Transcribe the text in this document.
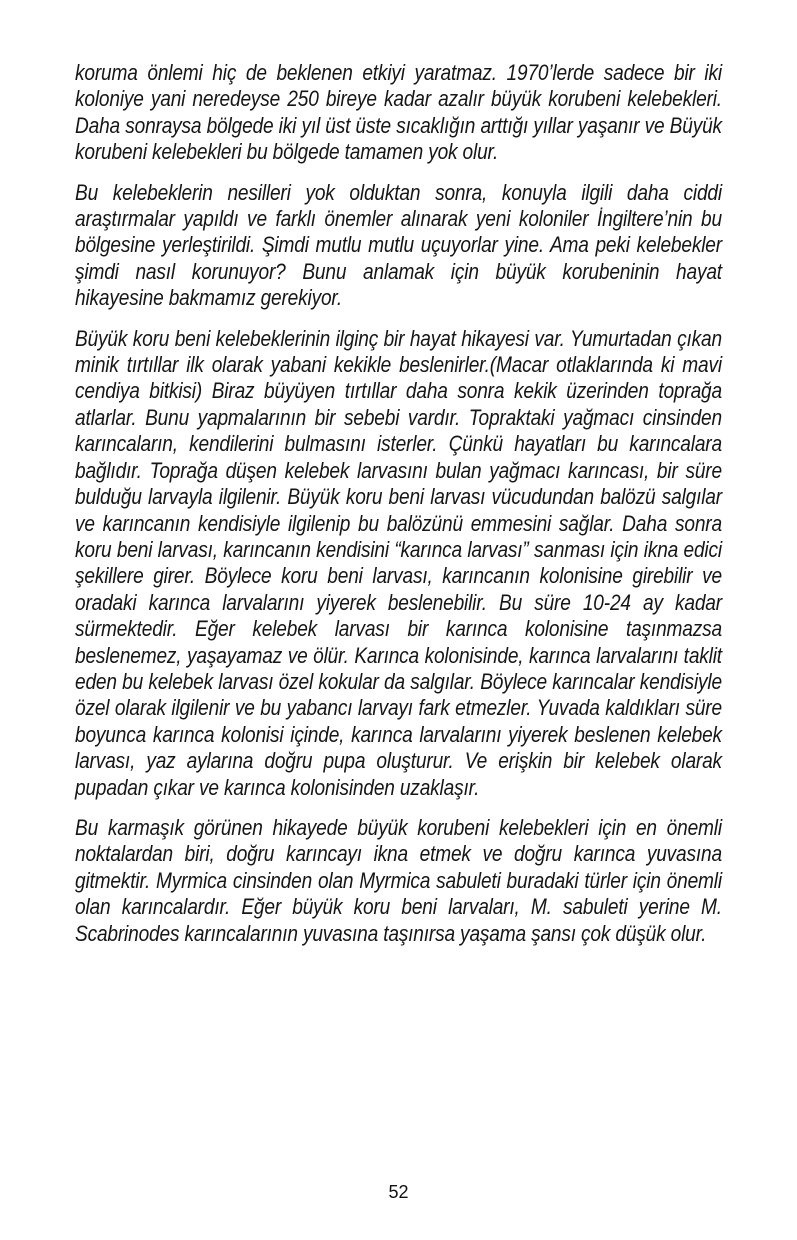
koruma önlemi hiç de beklenen etkiyi yaratmaz. 1970’lerde sadece bir iki koloniye yani neredeyse 250 bireye kadar azalır büyük korubeni kelebekleri. Daha sonraysa bölgede iki yıl üst üste sıcaklığın arttığı yıllar yaşanır ve Büyük korubeni kelebekleri bu bölgede tamamen yok olur.

Bu kelebeklerin nesilleri yok olduktan sonra, konuyla ilgili daha ciddi araştırmalar yapıldı ve farklı önemler alınarak yeni koloniler İngiltere’nin bu bölgesine yerleştirildi. Şimdi mutlu mutlu uçuyorlar yine. Ama peki kelebekler şimdi nasıl korunuyor? Bunu anlamak için büyük korubeninin hayat hikayesine bakmamız gerekiyor.

Büyük koru beni kelebeklerinin ilginç bir hayat hikayesi var. Yumurtadan çıkan minik tırtıllar ilk olarak yabani kekikle beslenirler.(Macar otlaklarında ki mavi cendiya bitkisi) Biraz büyüyen tırtıllar daha sonra kekik üzerinden toprağa atlarlar. Bunu yapmalarının bir sebebi vardır. Topraktaki yağmacı cinsinden karıncaların, kendilerini bulmasını isterler. Çünkü hayatları bu karıncalara bağlıdır. Toprağa düşen kelebek larvasını bulan yağmacı karıncası, bir süre bulduğu larvayla ilgilenir. Büyük koru beni larvası vücudundan balözü salgılar ve karıncanın kendisiyle ilgilenip bu balözünü emmesini sağlar. Daha sonra koru beni larvası, karıncanın kendisini “karınca larvası” sanması için ikna edici şekillere girer. Böylece koru beni larvası, karıncanın kolonisine girebilir ve oradaki karınca larvalarını yiyerek beslenebilir. Bu süre 10-24 ay kadar sürmektedir. Eğer kelebek larvası bir karınca kolonisine taşınmazsa beslenemez, yaşayamaz ve ölür. Karınca kolonisinde, karınca larvalarını taklit eden bu kelebek larvası özel kokular da salgılar. Böylece karıncalar kendisiyle özel olarak ilgilenir ve bu yabancı larvayı fark etmezler. Yuvada kaldıkları süre boyunca karınca kolonisi içinde, karınca larvalarını yiyerek beslenen kelebek larvası, yaz aylarına doğru pupa oluşturur. Ve erişkin bir kelebek olarak pupadan çıkar ve karınca kolonisinden uzaklaşır.

Bu karmaşık görünen hikayede büyük korubeni kelebekleri için en önemli noktalardan biri, doğru karıncayı ikna etmek ve doğru karınca yuvasına gitmektir. Myrmica cinsinden olan Myrmica sabuleti buradaki türler için önemli olan karıncalardır. Eğer büyük koru beni larvaları, M. sabuleti yerine M. Scabrinodes karıncalarının yuvasına taşınırsa yaşama şansı çok düşük olur.

52
